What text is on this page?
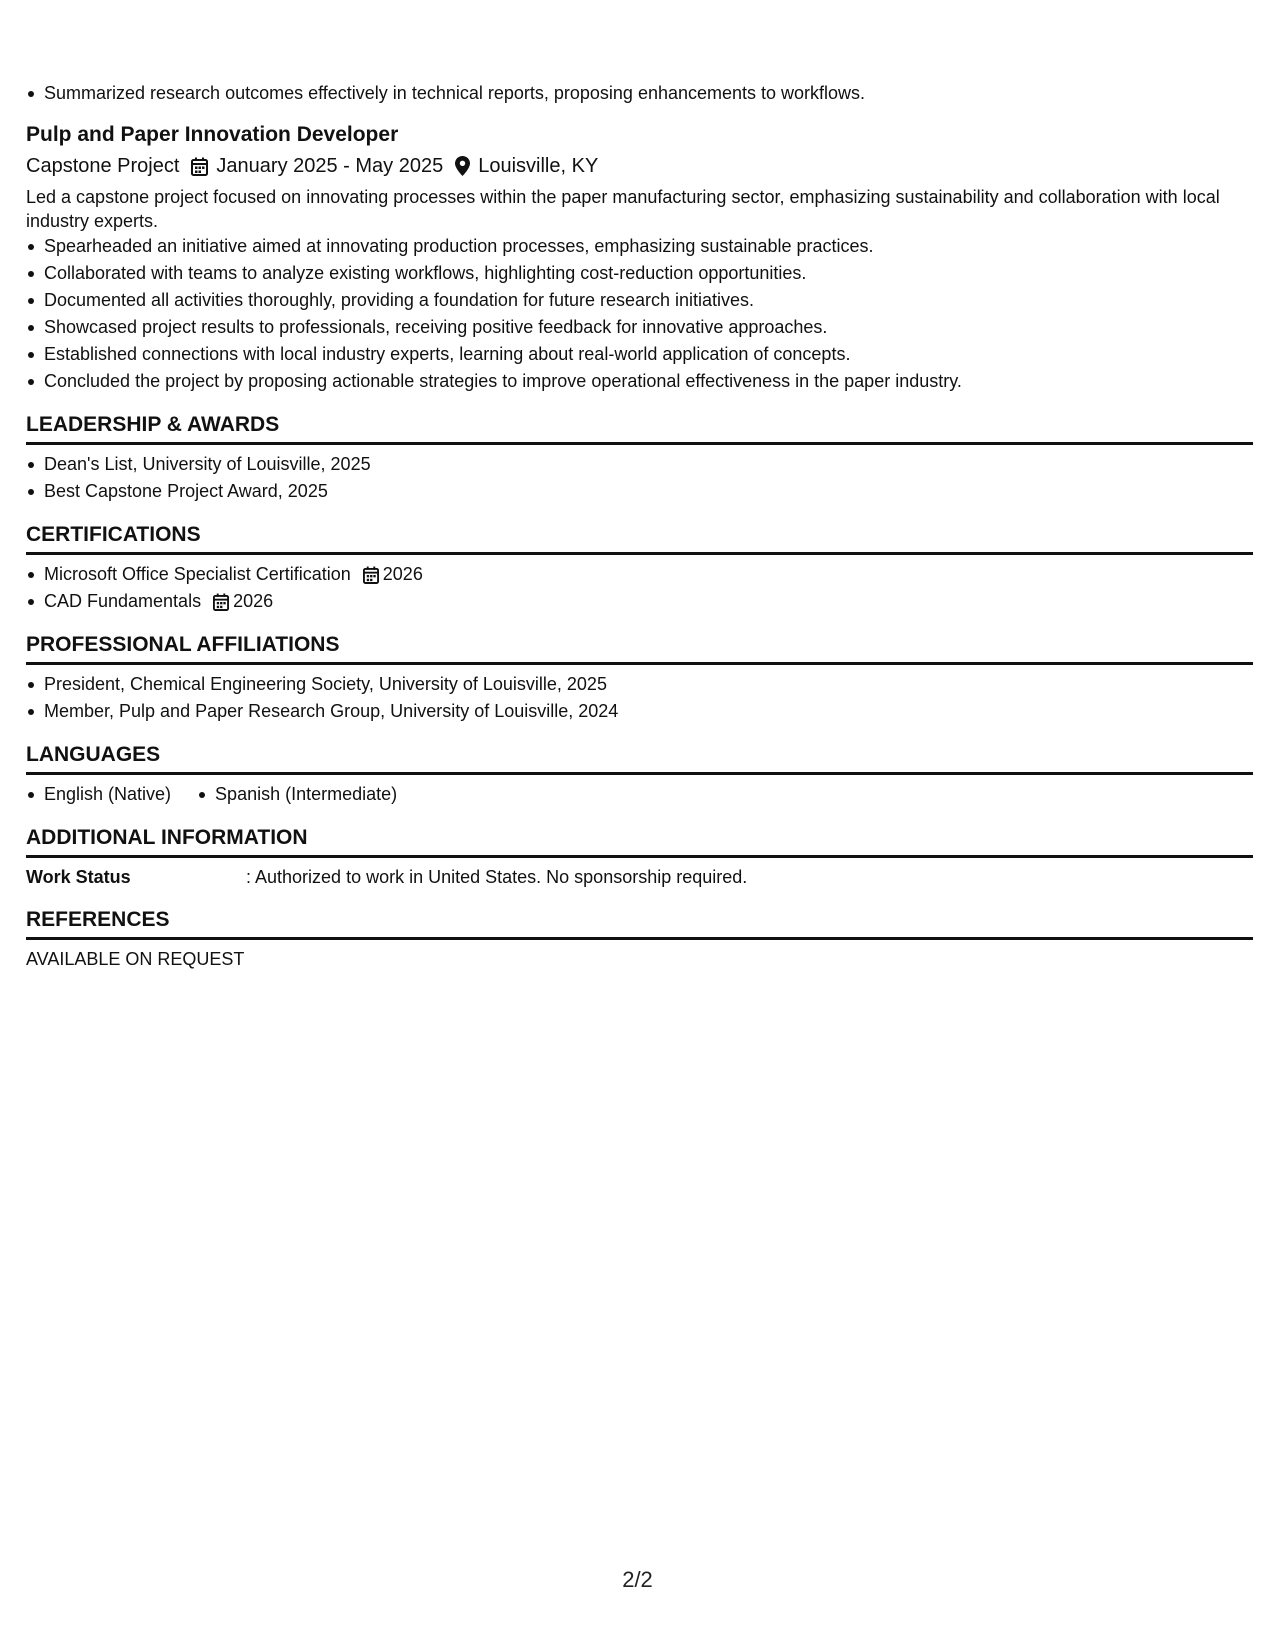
Summarized research outcomes effectively in technical reports, proposing enhancements to workflows.
Pulp and Paper Innovation Developer
Capstone Project January 2025 - May 2025 Louisville, KY
Led a capstone project focused on innovating processes within the paper manufacturing sector, emphasizing sustainability and collaboration with local industry experts.
Spearheaded an initiative aimed at innovating production processes, emphasizing sustainable practices.
Collaborated with teams to analyze existing workflows, highlighting cost-reduction opportunities.
Documented all activities thoroughly, providing a foundation for future research initiatives.
Showcased project results to professionals, receiving positive feedback for innovative approaches.
Established connections with local industry experts, learning about real-world application of concepts.
Concluded the project by proposing actionable strategies to improve operational effectiveness in the paper industry.
LEADERSHIP & AWARDS
Dean's List, University of Louisville, 2025
Best Capstone Project Award, 2025
CERTIFICATIONS
Microsoft Office Specialist Certification 2026
CAD Fundamentals 2026
PROFESSIONAL AFFILIATIONS
President, Chemical Engineering Society, University of Louisville, 2025
Member, Pulp and Paper Research Group, University of Louisville, 2024
LANGUAGES
English (Native)	Spanish (Intermediate)
ADDITIONAL INFORMATION
Work Status	: Authorized to work in United States. No sponsorship required.
REFERENCES
AVAILABLE ON REQUEST
2/2
